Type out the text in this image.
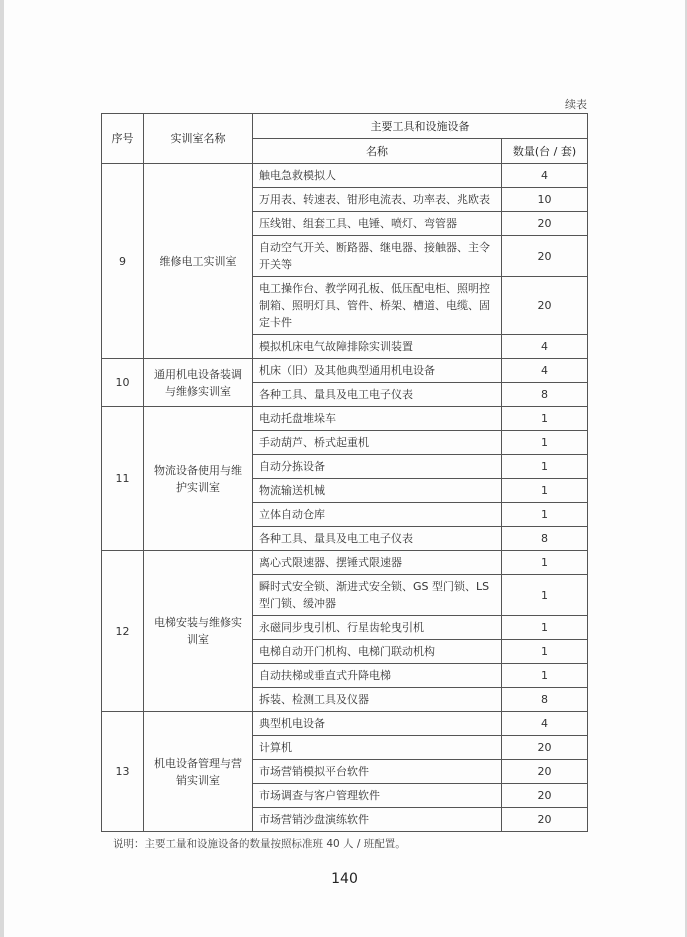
续表
序号	实训室名称	主要工具和设施设备	
		名称	数量(台 / 套)
9	维修电工实训室	触电急救模拟人	4
		万用表、转速表、钳形电流表、功率表、兆欧表	10
		压线钳、组套工具、电锤、喷灯、弯管器	20
		自动空气开关、断路器、继电器、接触器、主令开关等	20
		电工操作台、教学网孔板、低压配电柜、照明控制箱、照明灯具、管件、桥架、槽道、电缆、固定卡件	20
		模拟机床电气故障排除实训装置	4
10	通用机电设备装调与维修实训室	机床（旧）及其他典型通用机电设备	4
		各种工具、量具及电工电子仪表	8
11	物流设备使用与维护实训室	电动托盘堆垛车	1
		手动葫芦、桥式起重机	1
		自动分拣设备	1
		物流输送机械	1
		立体自动仓库	1
		各种工具、量具及电工电子仪表	8
12	电梯安装与维修实训室	离心式限速器、摆锤式限速器	1
		瞬时式安全锁、渐进式安全锁、GS 型门锁、LS 型门锁、缓冲器	1
		永磁同步曳引机、行星齿轮曳引机	1
		电梯自动开门机构、电梯门联动机构	1
		自动扶梯或垂直式升降电梯	1
		拆装、检测工具及仪器	8
13	机电设备管理与营销实训室	典型机电设备	4
		计算机	20
		市场营销模拟平台软件	20
		市场调查与客户管理软件	20
		市场营销沙盘演练软件	20
说明：主要工量和设施设备的数量按照标准班 40 人 / 班配置。
140
